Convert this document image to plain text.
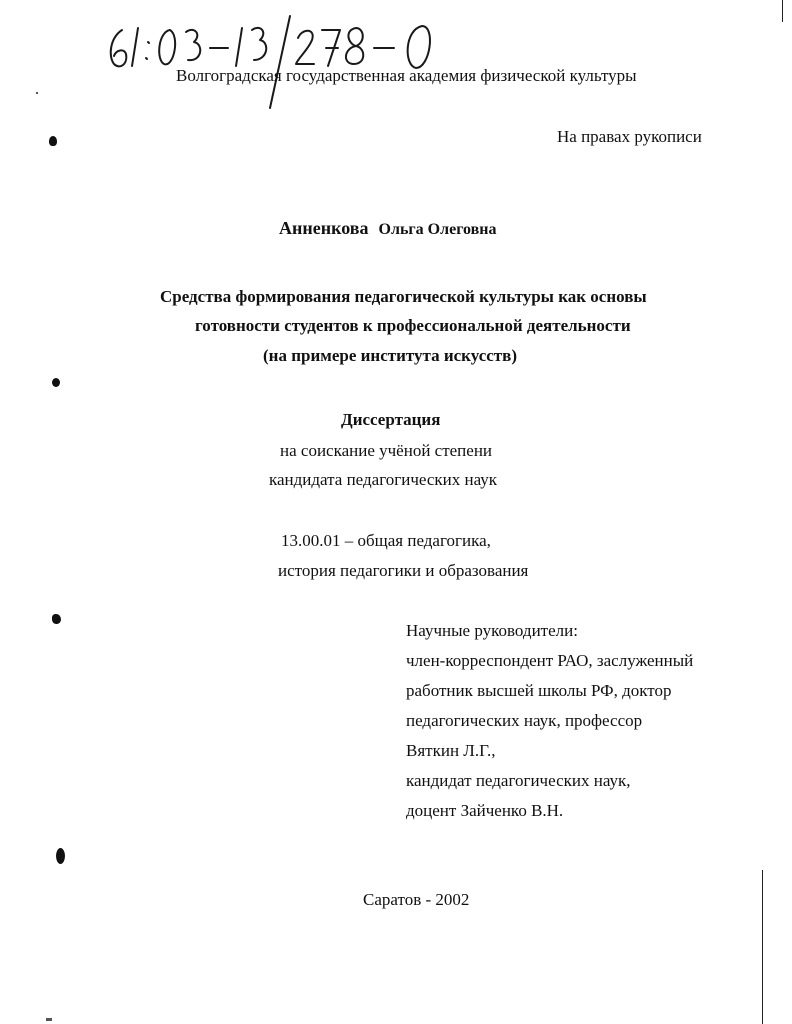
Волгоградская государственная академия физической культуры
На правах рукописи
Анненкова Ольга Олеговна
Средства формирования педагогической культуры как основы
готовности студентов к профессиональной деятельности
(на примере института искусств)
Диссертация
на соискание учёной степени
кандидата педагогических наук
13.00.01 – общая педагогика,
история педагогики и образования
Научные руководители:
член-корреспондент РАО, заслуженный
работник высшей школы РФ, доктор
педагогических наук, профессор
Вяткин Л.Г.,
кандидат педагогических наук,
доцент Зайченко В.Н.
Саратов - 2002
